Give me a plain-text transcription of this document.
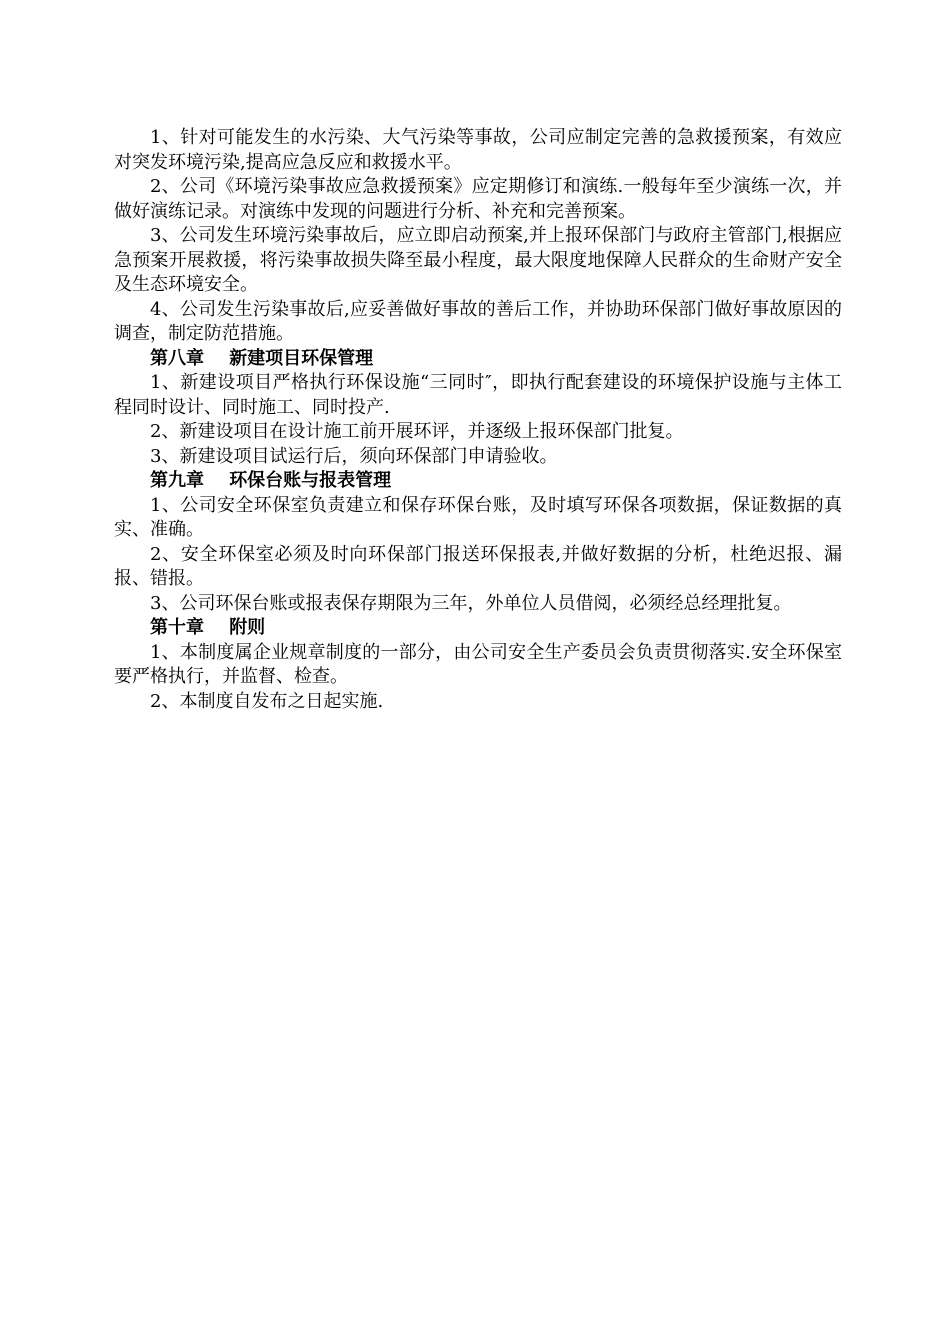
1、针对可能发生的水污染、大气污染等事故，公司应制定完善的急救援预案，有效应对突发环境污染,提高应急反应和救援水平。

2、公司《环境污染事故应急救援预案》应定期修订和演练.一般每年至少演练一次，并做好演练记录。对演练中发现的问题进行分析、补充和完善预案。

3、公司发生环境污染事故后，应立即启动预案,并上报环保部门与政府主管部门,根据应急预案开展救援，将污染事故损失降至最小程度，最大限度地保障人民群众的生命财产安全及生态环境安全。

4、公司发生污染事故后,应妥善做好事故的善后工作，并协助环保部门做好事故原因的调查，制定防范措施。

第八章 新建项目环保管理

1、新建设项目严格执行环保设施“三同时″，即执行配套建设的环境保护设施与主体工程同时设计、同时施工、同时投产.

2、新建设项目在设计施工前开展环评，并逐级上报环保部门批复。

3、新建设项目试运行后，须向环保部门申请验收。

第九章 环保台账与报表管理

1、公司安全环保室负责建立和保存环保台账，及时填写环保各项数据，保证数据的真实、准确。

2、安全环保室必须及时向环保部门报送环保报表,并做好数据的分析，杜绝迟报、漏报、错报。

3、公司环保台账或报表保存期限为三年，外单位人员借阅，必须经总经理批复。

第十章 附则

1、本制度属企业规章制度的一部分，由公司安全生产委员会负责贯彻落实.安全环保室要严格执行，并监督、检查。

2、本制度自发布之日起实施.
